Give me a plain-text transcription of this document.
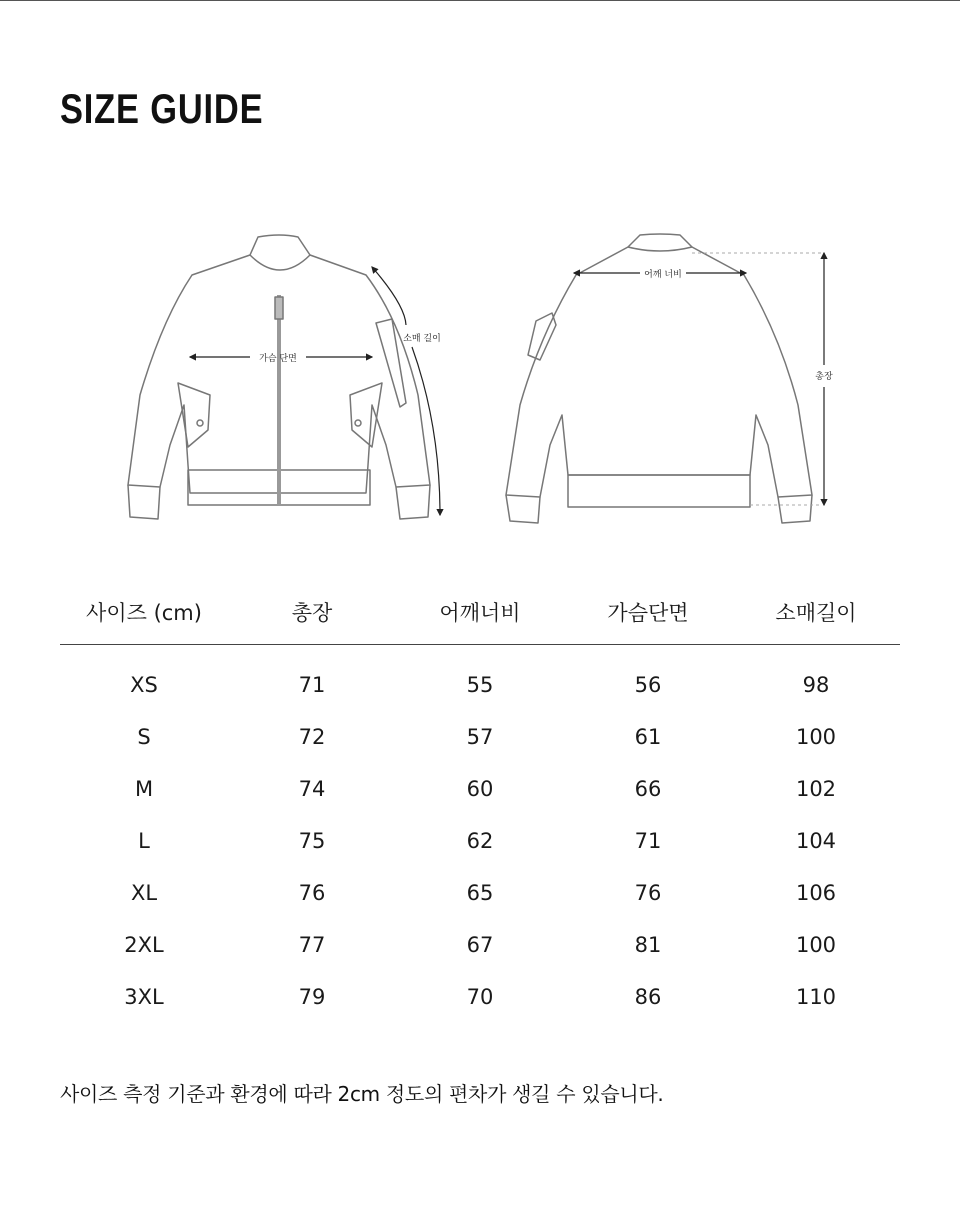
SIZE GUIDE
가슴 단면
소매 길이
어깨 너비
총장
사이즈 (cm)	총장	어깨너비	가슴단면	소매길이
XS	71	55	56	98
S	72	57	61	100
M	74	60	66	102
L	75	62	71	104
XL	76	65	76	106
2XL	77	67	81	100
3XL	79	70	86	110

사이즈 측정 기준과 환경에 따라 2cm 정도의 편차가 생길 수 있습니다.
